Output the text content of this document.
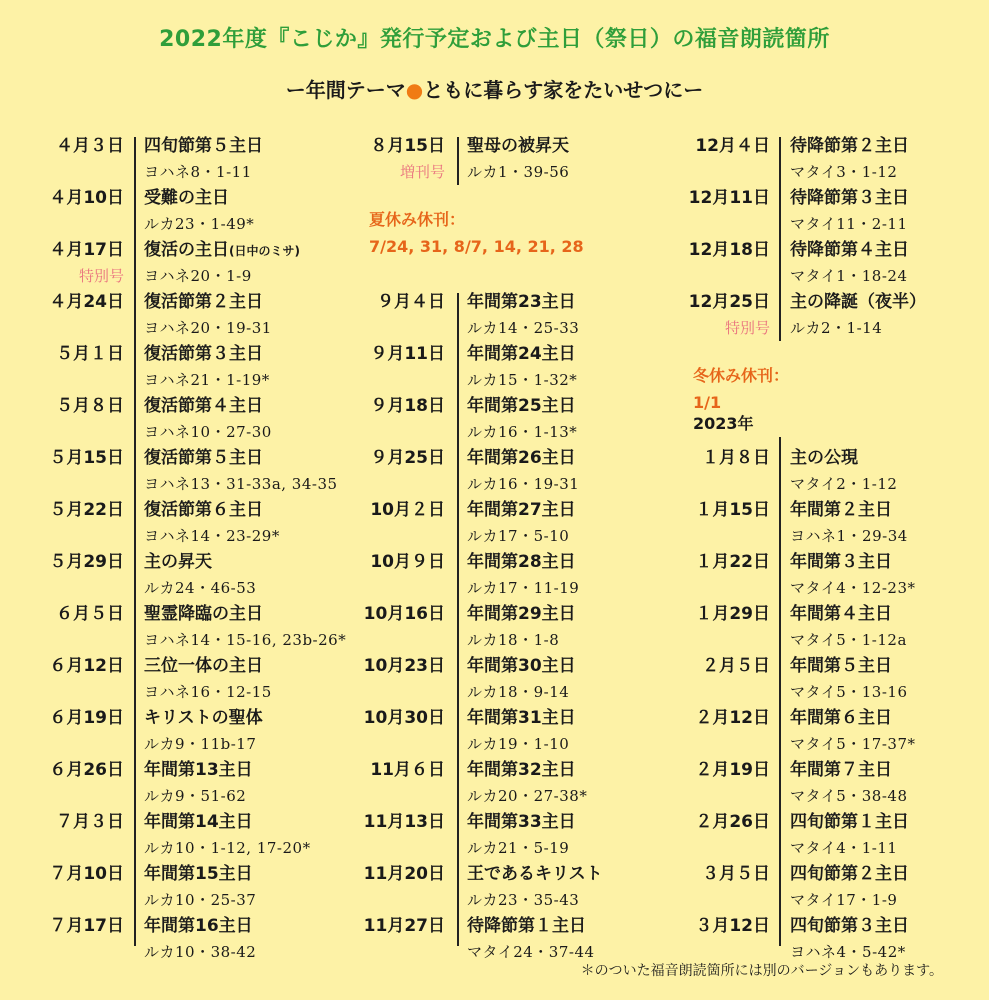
2022年度『こじか』発行予定および主日（祭日）の福音朗読箇所
ー年間テーマ●ともに暮らす家をたいせつにー
４月３日 四旬節第５主日
ヨハネ8・1-11
４月10日 受難の主日
ルカ23・1-49*
４月17日
特別号
復活の主日(日中のミサ)
ヨハネ20・1-9
４月24日 復活節第２主日
ヨハネ20・19-31
５月１日 復活節第３主日
ヨハネ21・1-19*
５月８日 復活節第４主日
ヨハネ10・27-30
５月15日 復活節第５主日
ヨハネ13・31-33a, 34-35
５月22日 復活節第６主日
ヨハネ14・23-29*
５月29日 主の昇天
ルカ24・46-53
６月５日 聖霊降臨の主日
ヨハネ14・15-16, 23b-26*
６月12日 三位一体の主日
ヨハネ16・12-15
６月19日 キリストの聖体
ルカ9・11b-17
６月26日 年間第13主日
ルカ9・51-62
７月３日 年間第14主日
ルカ10・1-12, 17-20*
７月10日 年間第15主日
ルカ10・25-37
７月17日 年間第16主日
ルカ10・38-42
８月15日
増刊号
聖母の被昇天
ルカ1・39-56
９月４日 年間第23主日
ルカ14・25-33
９月11日 年間第24主日
ルカ15・1-32*
９月18日 年間第25主日
ルカ16・1-13*
９月25日 年間第26主日
ルカ16・19-31
10月２日 年間第27主日
ルカ17・5-10
10月９日 年間第28主日
ルカ17・11-19
10月16日 年間第29主日
ルカ18・1-8
10月23日 年間第30主日
ルカ18・9-14
10月30日 年間第31主日
ルカ19・1-10
11月６日 年間第32主日
ルカ20・27-38*
11月13日 年間第33主日
ルカ21・5-19
11月20日 王であるキリスト
ルカ23・35-43
11月27日 待降節第１主日
マタイ24・37-44
12月４日 待降節第２主日
マタイ3・1-12
12月11日 待降節第３主日
マタイ11・2-11
12月18日 待降節第４主日
マタイ1・18-24
12月25日
特別号
主の降誕（夜半）
ルカ2・1-14
１月８日 主の公現
マタイ2・1-12
１月15日 年間第２主日
ヨハネ1・29-34
１月22日 年間第３主日
マタイ4・12-23*
１月29日 年間第４主日
マタイ5・1-12a
２月５日 年間第５主日
マタイ5・13-16
２月12日 年間第６主日
マタイ5・17-37*
２月19日 年間第７主日
マタイ5・38-48
２月26日 四旬節第１主日
マタイ4・1-11
３月５日 四旬節第２主日
マタイ17・1-9
３月12日 四旬節第３主日
ヨハネ4・5-42*
夏休み休刊：
7/24, 31, 8/7, 14, 21, 28
冬休み休刊：
1/1
2023年
＊のついた福音朗読箇所には別のバージョンもあります。
